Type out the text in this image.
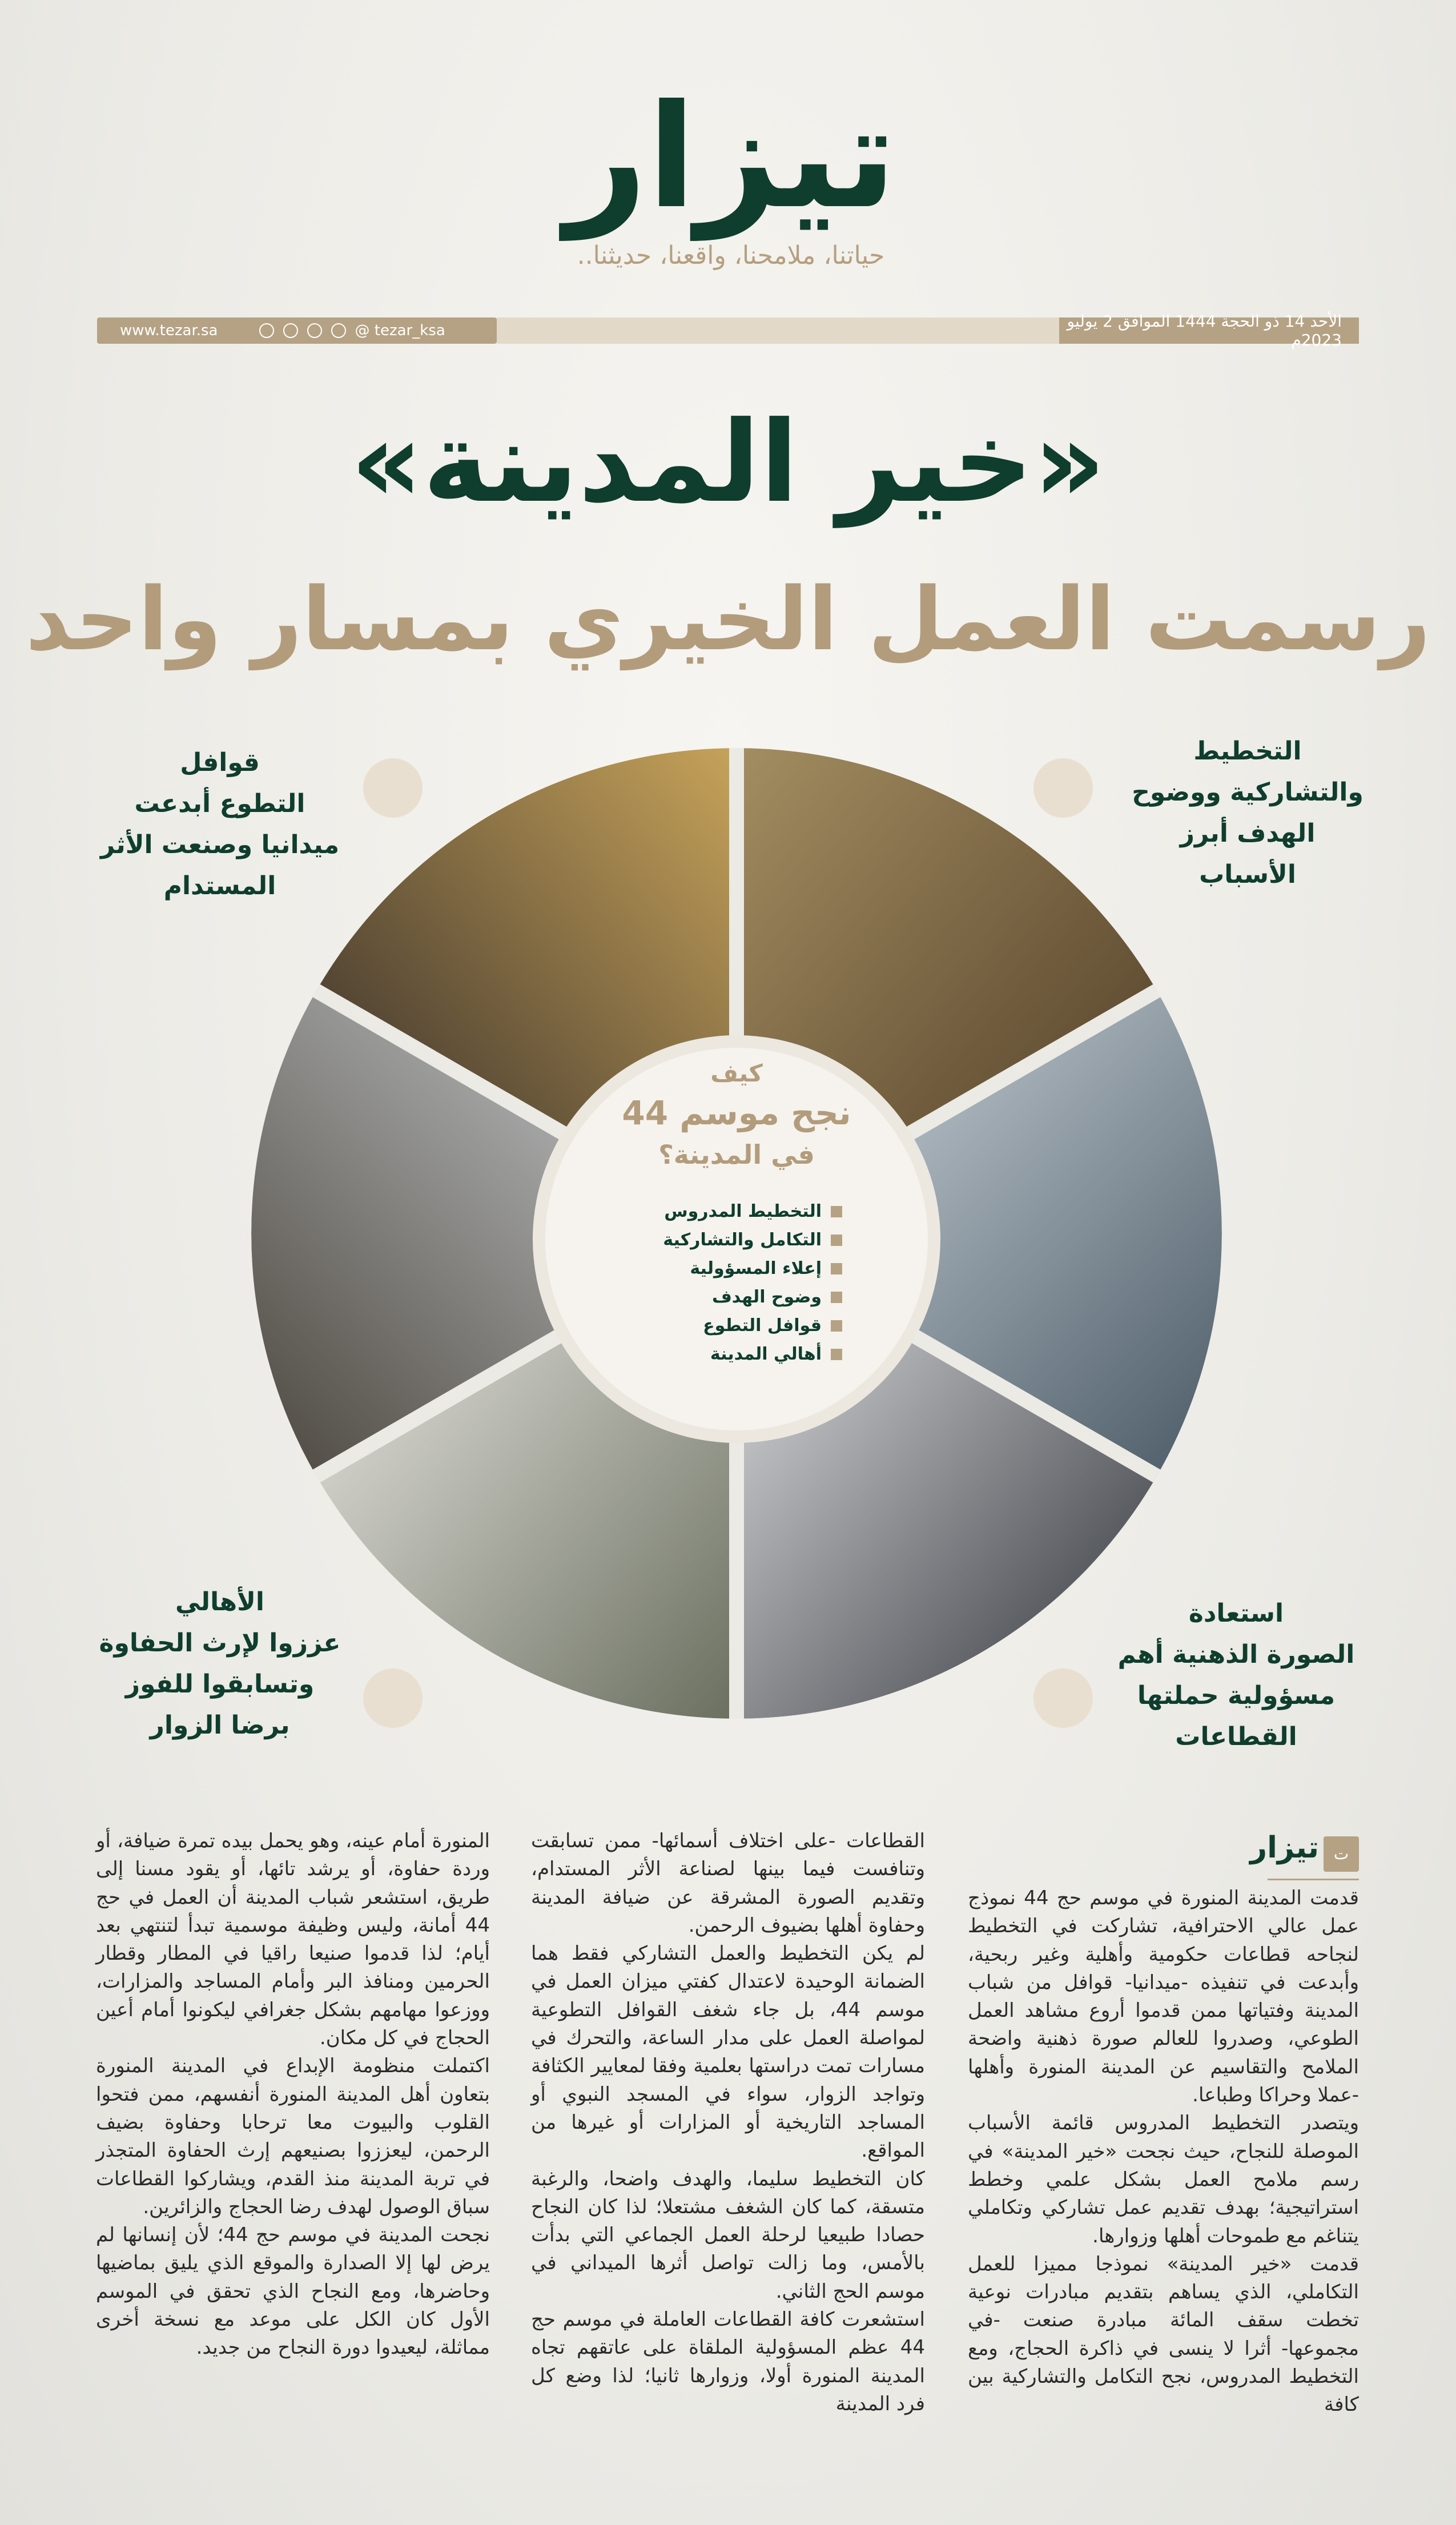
تيزار
حياتنا، ملامحنا، واقعنا، حديثنا..
www.tezar.sa	@ tezar_ksa	الأحد 14 ذو الحجة 1444 الموافق 2 يوليو 2023م
«خير المدينة»
رسمت العمل الخيري بمسار واحد
كيف
نجح موسم 44
في المدينة؟
التخطيط المدروس
التكامل والتشاركية
إعلاء المسؤولية
وضوح الهدف
قوافل التطوع
أهالي المدينة
التخطيط
والتشاركية ووضوح
الهدف أبرز
الأسباب
قوافل
التطوع أبدعت
ميدانيا وصنعت الأثر
المستدام
استعادة
الصورة الذهنية أهم
مسؤولية حملتها
القطاعات
الأهالي
عززوا لإرث الحفاوة
وتسابقوا للفوز
برضا الزوار
ت
تيزار

قدمت المدينة المنورة في موسم حج 44 نموذج عمل عالي الاحترافية، تشاركت في التخطيط لنجاحه قطاعات حكومية وأهلية وغير ربحية، وأبدعت في تنفيذه -ميدانيا- قوافل من شباب المدينة وفتياتها ممن قدموا أروع مشاهد العمل الطوعي، وصدروا للعالم صورة ذهنية واضحة الملامح والتقاسيم عن المدينة المنورة وأهلها -عملا وحراكا وطباعا.

ويتصدر التخطيط المدروس قائمة الأسباب الموصلة للنجاح، حيث نجحت «خير المدينة» في رسم ملامح العمل بشكل علمي وخطط استراتيجية؛ بهدف تقديم عمل تشاركي وتكاملي يتناغم مع طموحات أهلها وزوارها.

قدمت «خير المدينة» نموذجا مميزا للعمل التكاملي، الذي يساهم بتقديم مبادرات نوعية تخطت سقف المائة مبادرة صنعت -في مجموعها- أثرا لا ينسى في ذاكرة الحجاج، ومع التخطيط المدروس، نجح التكامل والتشاركية بين كافة

القطاعات -على اختلاف أسمائها- ممن تسابقت وتنافست فيما بينها لصناعة الأثر المستدام، وتقديم الصورة المشرقة عن ضيافة المدينة وحفاوة أهلها بضيوف الرحمن.

لم يكن التخطيط والعمل التشاركي فقط هما الضمانة الوحيدة لاعتدال كفتي ميزان العمل في موسم 44، بل جاء شغف القوافل التطوعية لمواصلة العمل على مدار الساعة، والتحرك في مسارات تمت دراستها بعلمية وفقا لمعايير الكثافة وتواجد الزوار، سواء في المسجد النبوي أو المساجد التاريخية أو المزارات أو غيرها من المواقع.

كان التخطيط سليما، والهدف واضحا، والرغبة متسقة، كما كان الشغف مشتعلا؛ لذا كان النجاح حصادا طبيعيا لرحلة العمل الجماعي التي بدأت بالأمس، وما زالت تواصل أثرها الميداني في موسم الحج الثاني.

استشعرت كافة القطاعات العاملة في موسم حج 44 عظم المسؤولية الملقاة على عاتقهم تجاه المدينة المنورة أولا، وزوارها ثانيا؛ لذا وضع كل فرد المدينة

المنورة أمام عينه، وهو يحمل بيده تمرة ضيافة، أو وردة حفاوة، أو يرشد تائها، أو يقود مسنا إلى طريق، استشعر شباب المدينة أن العمل في حج 44 أمانة، وليس وظيفة موسمية تبدأ لتنتهي بعد أيام؛ لذا قدموا صنيعا راقيا في المطار وقطار الحرمين ومنافذ البر وأمام المساجد والمزارات، ووزعوا مهامهم بشكل جغرافي ليكونوا أمام أعين الحجاج في كل مكان.

اكتملت منظومة الإبداع في المدينة المنورة بتعاون أهل المدينة المنورة أنفسهم، ممن فتحوا القلوب والبيوت معا ترحابا وحفاوة بضيف الرحمن، ليعززوا بصنيعهم إرث الحفاوة المتجذر في تربة المدينة منذ القدم، ويشاركوا القطاعات سباق الوصول لهدف رضا الحجاج والزائرين.

نجحت المدينة في موسم حج 44؛ لأن إنسانها لم يرض لها إلا الصدارة والموقع الذي يليق بماضيها وحاضرها، ومع النجاح الذي تحقق في الموسم الأول كان الكل على موعد مع نسخة أخرى مماثلة، ليعيدوا دورة النجاح من جديد.
